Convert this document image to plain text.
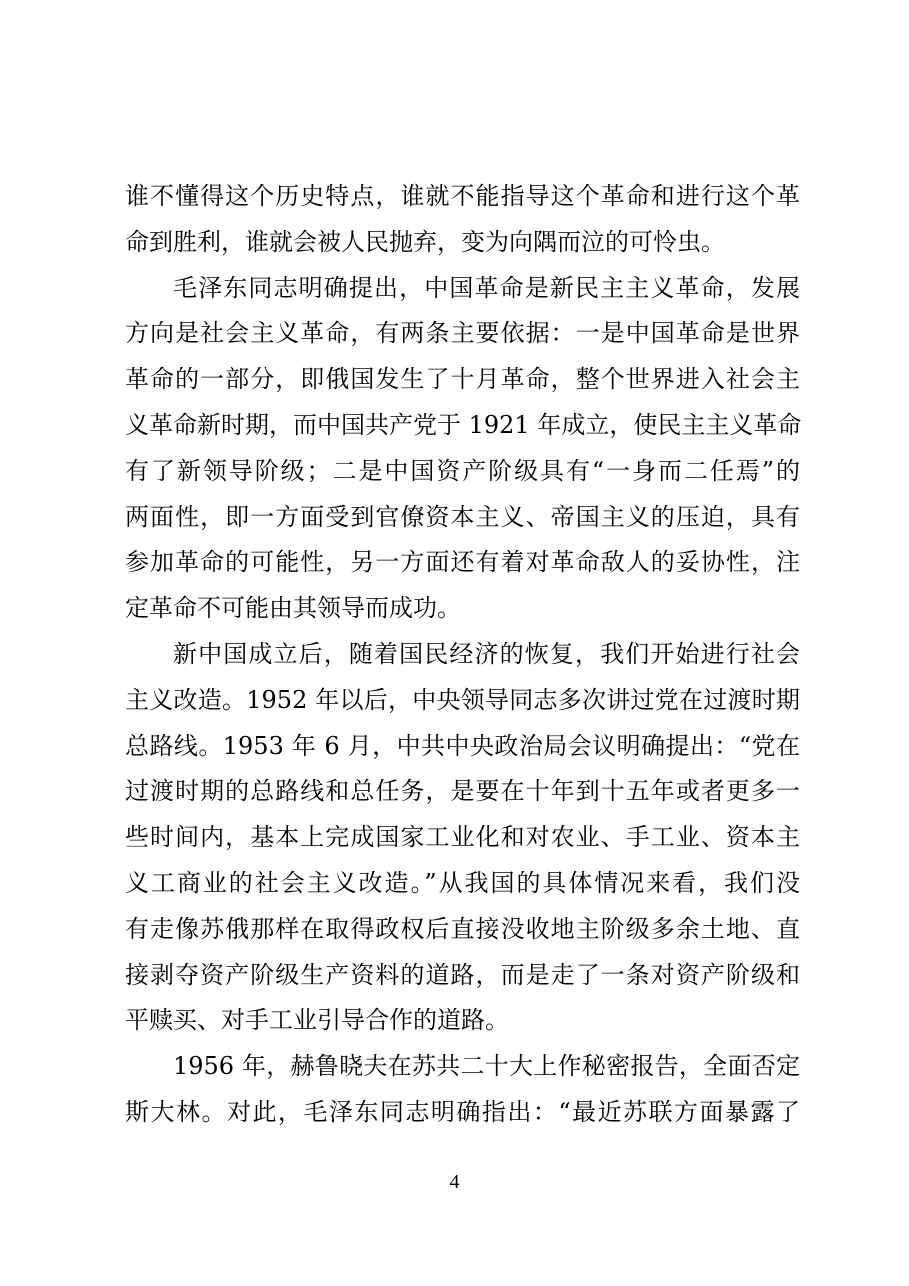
谁不懂得这个历史特点，谁就不能指导这个革命和进行这个革
命到胜利，谁就会被人民抛弃，变为向隅而泣的可怜虫。
毛泽东同志明确提出，中国革命是新民主主义革命，发展
方向是社会主义革命，有两条主要依据：一是中国革命是世界
革命的一部分，即俄国发生了十月革命，整个世界进入社会主
义革命新时期，而中国共产党于 1921 年成立，使民主主义革命
有了新领导阶级；二是中国资产阶级具有“一身而二任焉”的
两面性，即一方面受到官僚资本主义、帝国主义的压迫，具有
参加革命的可能性，另一方面还有着对革命敌人的妥协性，注
定革命不可能由其领导而成功。
新中国成立后，随着国民经济的恢复，我们开始进行社会
主义改造。1952 年以后，中央领导同志多次讲过党在过渡时期
总路线。1953 年 6 月，中共中央政治局会议明确提出：“党在
过渡时期的总路线和总任务，是要在十年到十五年或者更多一
些时间内，基本上完成国家工业化和对农业、手工业、资本主
义工商业的社会主义改造。”从我国的具体情况来看，我们没
有走像苏俄那样在取得政权后直接没收地主阶级多余土地、直
接剥夺资产阶级生产资料的道路，而是走了一条对资产阶级和
平赎买、对手工业引导合作的道路。
1956 年，赫鲁晓夫在苏共二十大上作秘密报告，全面否定
斯大林。对此，毛泽东同志明确指出：“最近苏联方面暴露了
4
